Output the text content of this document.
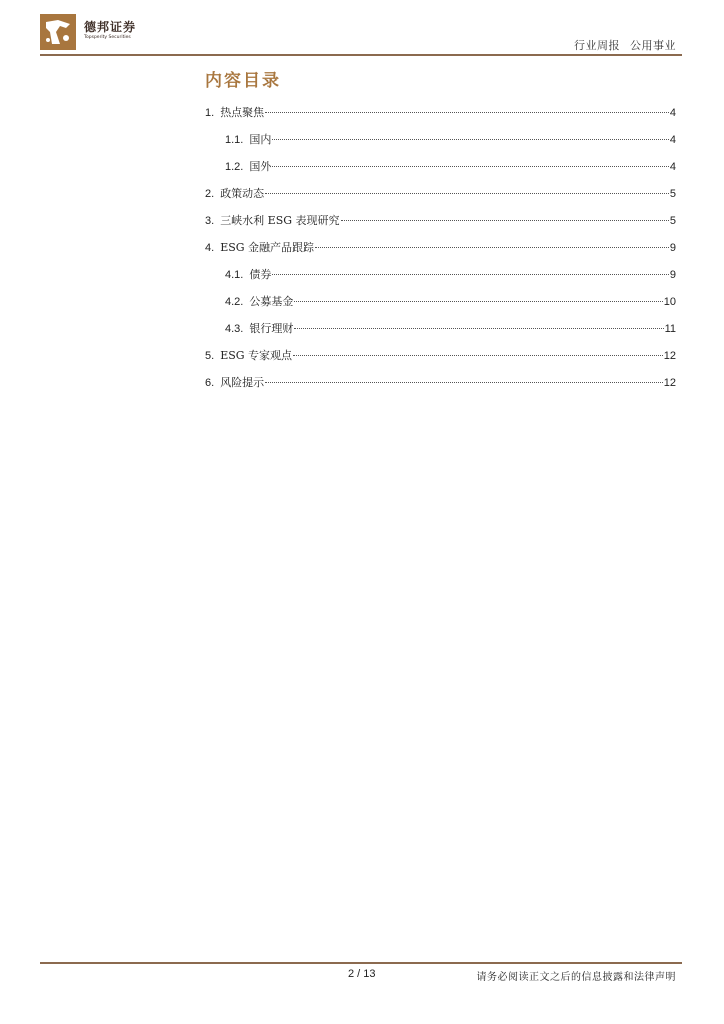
德邦证券
Topsperity Securities
行业周报 公用事业
内容目录
1. 热点聚焦	4
1.1. 国内	4
1.2. 国外	4
2. 政策动态	5
3. 三峡水利 ESG 表现研究	5
4. ESG 金融产品跟踪	9
4.1. 债券	9
4.2. 公募基金	10
4.3. 银行理财	11
5. ESG 专家观点	12
6. 风险提示	12
2 / 13	请务必阅读正文之后的信息披露和法律声明
